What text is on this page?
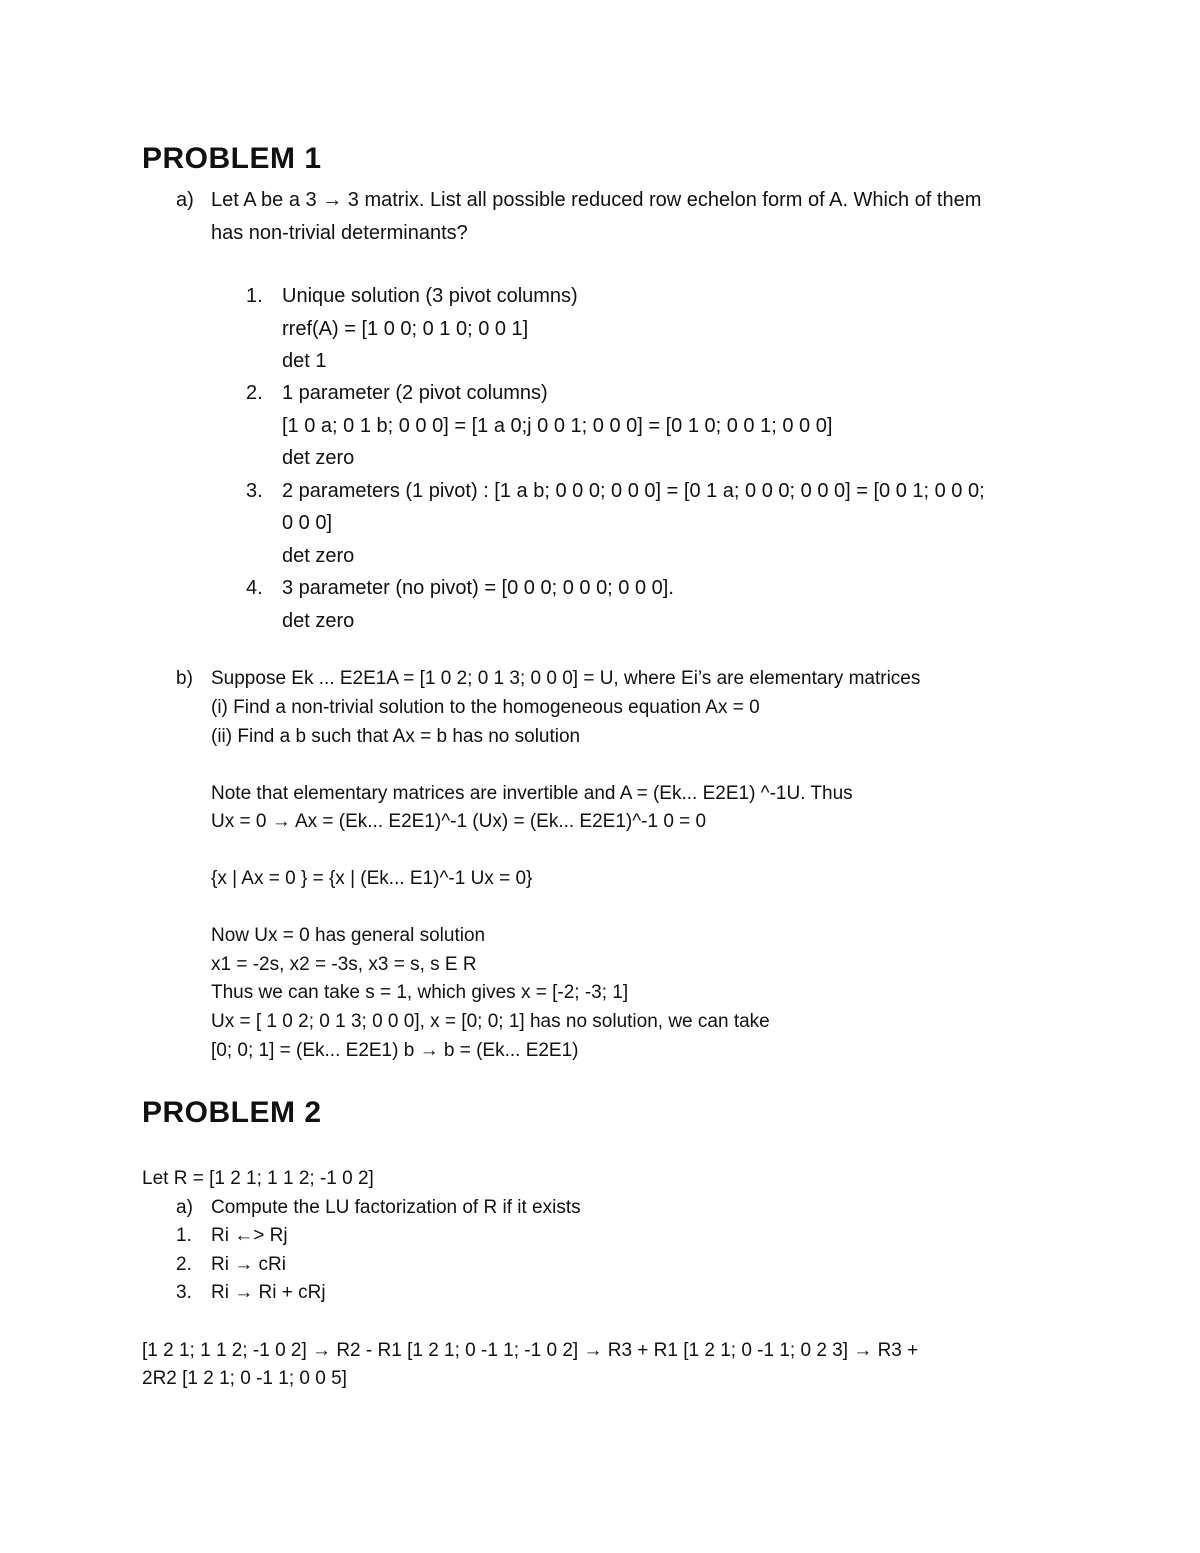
PROBLEM 1
a) Let A be a 3 → 3 matrix. List all possible reduced row echelon form of A. Which of them
has non-trivial determinants?
1. Unique solution (3 pivot columns)
rref(A) = [1 0 0; 0 1 0; 0 0 1]
det 1
2. 1 parameter (2 pivot columns)
[1 0 a; 0 1 b; 0 0 0] = [1 a 0;j 0 0 1; 0 0 0] = [0 1 0; 0 0 1; 0 0 0]
det zero
3. 2 parameters (1 pivot) : [1 a b; 0 0 0; 0 0 0] = [0 1 a; 0 0 0; 0 0 0] = [0 0 1; 0 0 0;
0 0 0]
det zero
4. 3 parameter (no pivot) = [0 0 0; 0 0 0; 0 0 0].
det zero
b) Suppose Ek ... E2E1A = [1 0 2; 0 1 3; 0 0 0] = U, where Ei’s are elementary matrices
(i) Find a non-trivial solution to the homogeneous equation Ax = 0
(ii) Find a b such that Ax = b has no solution
Note that elementary matrices are invertible and A = (Ek... E2E1) ^-1U. Thus
Ux = 0 → Ax = (Ek... E2E1)^-1 (Ux) = (Ek... E2E1)^-1 0 = 0
{x | Ax = 0 } = {x | (Ek... E1)^-1 Ux = 0}
Now Ux = 0 has general solution
x1 = -2s, x2 = -3s, x3 = s, s E R
Thus we can take s = 1, which gives x = [-2; -3; 1]
Ux = [ 1 0 2; 0 1 3; 0 0 0], x = [0; 0; 1] has no solution, we can take
[0; 0; 1] = (Ek... E2E1) b → b = (Ek... E2E1)
PROBLEM 2
Let R = [1 2 1; 1 1 2; -1 0 2]
a) Compute the LU factorization of R if it exists
1. Ri ←> Rj
2. Ri → cRi
3. Ri → Ri + cRj
[1 2 1; 1 1 2; -1 0 2] → R2 - R1 [1 2 1; 0 -1 1; -1 0 2] → R3 + R1 [1 2 1; 0 -1 1; 0 2 3] → R3 +
2R2 [1 2 1; 0 -1 1; 0 0 5]
